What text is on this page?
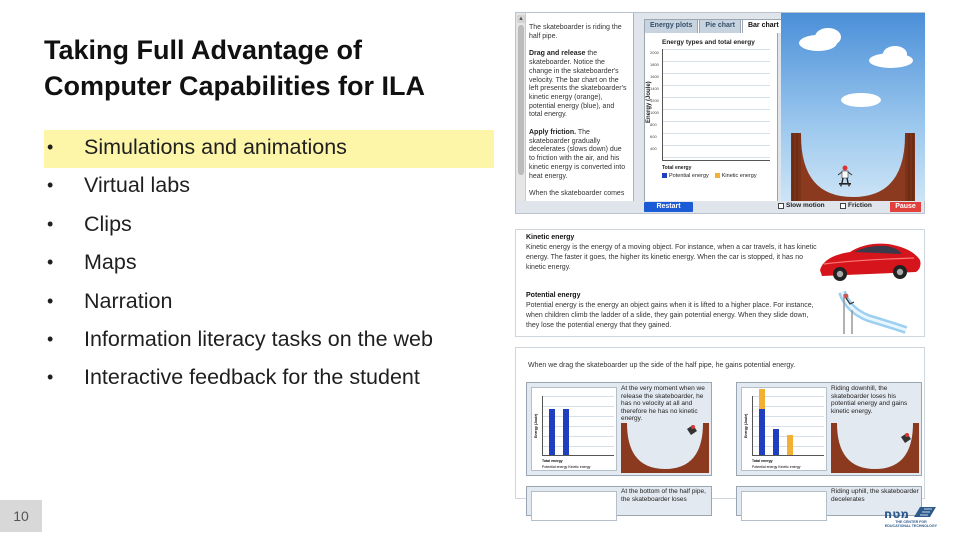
Taking Full Advantage of
Computer Capabilities for ILA
• Simulations and animations
• Virtual labs
• Clips
• Maps
• Narration
• Information literacy tasks on the web
• Interactive feedback for the student
10

The skateboarder is riding the half pipe.

Drag and release the skateboarder. Notice the change in the skateboarder's velocity. The bar chart on the left presents the skateboarder's kinetic energy (orange), potential energy (blue), and total energy.

Apply friction. The skateboarder gradually decelerates (slows down) due to friction with the air, and his kinetic energy is converted into heat energy.

When the skateboarder comes

▲
Energy plots	Pie chart	Bar chart
Energy types and total energy
2000
1800
1600
1400
1200
1000
800
600
400
Energy (Joule)
Total energy
Potential energy	Kinetic energy
Restart	Slow motion	Friction	Pause
Kinetic energy
Kinetic energy is the energy of a moving object. For instance, when a car travels, it has kinetic energy. The faster it goes, the higher its kinetic energy. When the car is stopped, it has no kinetic energy.
Potential energy
Potential energy is the energy an object gains when it is lifted to a higher place. For instance, when children climb the ladder of a slide, they gain potential energy. When they slide down, they lose the potential energy that they gained.
When we drag the skateboarder up the side of the half pipe, he gains potential energy.
Energy (Joule)
Total energy
Potential energy Kinetic energy
At the very moment when we release the skateboarder, he has no velocity at all and therefore he has no kinetic energy.	Energy (Joule)
Total energy
Potential energy Kinetic energy
Riding downhill, the skateboarder loses his potential energy and gains kinetic energy.
At the bottom of the half pipe, the skateboarder loses
Riding uphill, the skateboarder decelerates
מטח
THE CENTER FOR EDUCATIONAL TECHNOLOGY
